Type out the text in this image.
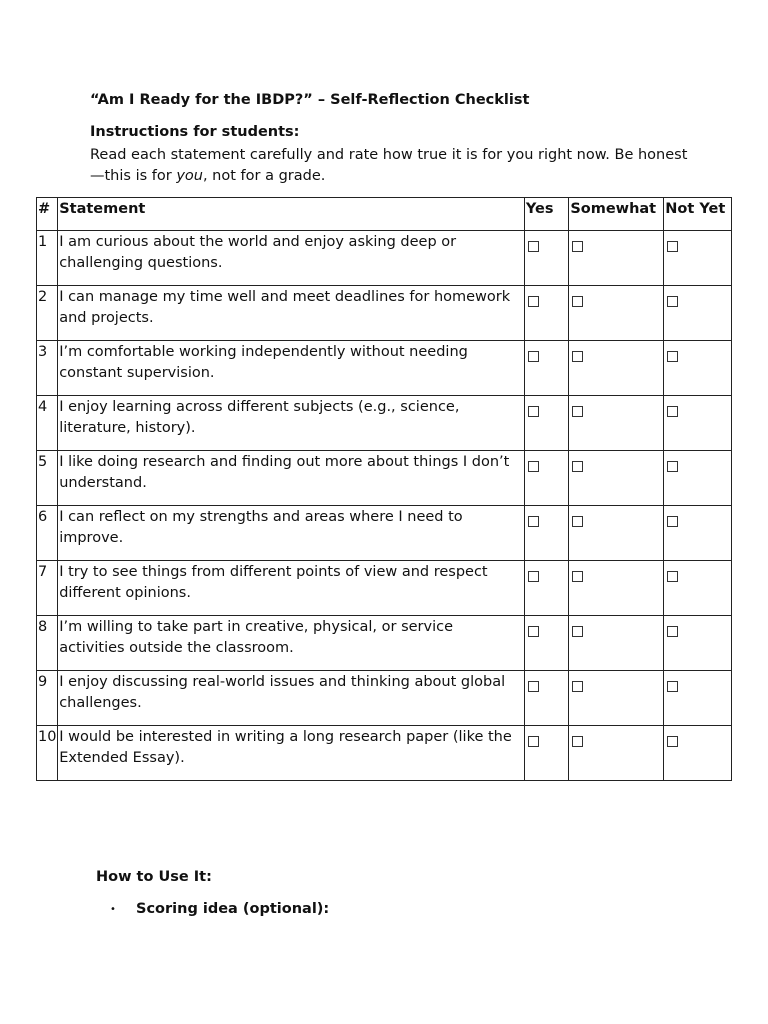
“Am I Ready for the IBDP?” – Self-Reflection Checklist
Instructions for students:
Read each statement carefully and rate how true it is for you right now. Be honest—this is for you, not for a grade.
#	Statement	Yes	Somewhat	Not Yet
1	I am curious about the world and enjoy asking deep or challenging questions.			
2	I can manage my time well and meet deadlines for homework and projects.			
3	I’m comfortable working independently without needing constant supervision.			
4	I enjoy learning across different subjects (e.g., science, literature, history).			
5	I like doing research and finding out more about things I don’t understand.			
6	I can reflect on my strengths and areas where I need to improve.			
7	I try to see things from different points of view and respect different opinions.			
8	I’m willing to take part in creative, physical, or service activities outside the classroom.			
9	I enjoy discussing real-world issues and thinking about global challenges.			
10	I would be interested in writing a long research paper (like the Extended Essay).			
How to Use It:
• Scoring idea (optional):
